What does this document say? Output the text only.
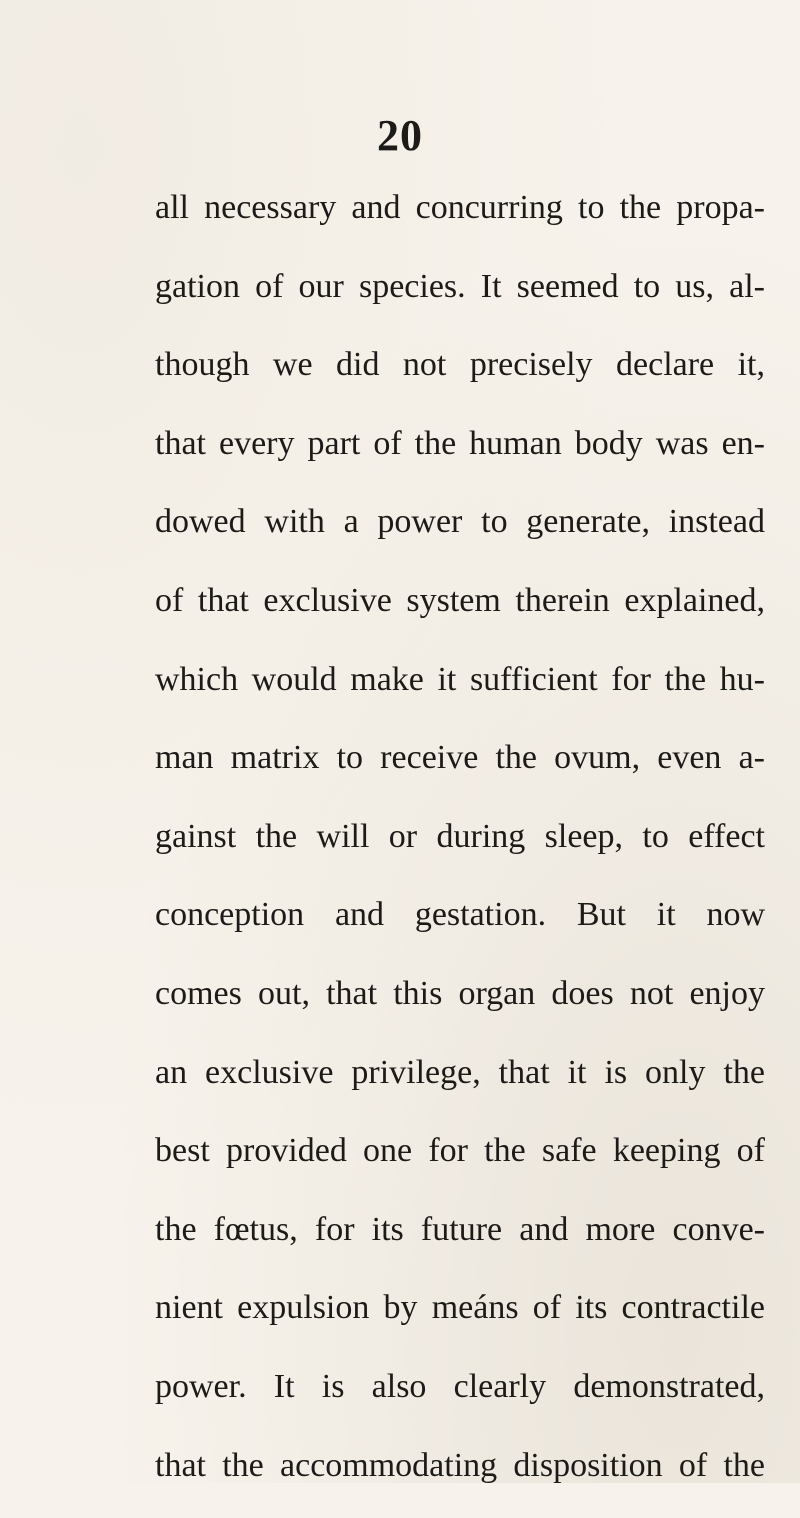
20
all necessary and concurring to the propa-
gation of our species. It seemed to us, al-
though we did not precisely declare it,
that every part of the human body was en-
dowed with a power to generate, instead
of that exclusive system therein explained,
which would make it sufficient for the hu-
man matrix to receive the ovum, even a-
gainst the will or during sleep, to effect
conception and gestation. But it now
comes out, that this organ does not enjoy
an exclusive privilege, that it is only the
best provided one for the safe keeping of
the fœtus, for its future and more conve-
nient expulsion by meáns of its contractile
power. It is also clearly demonstrated,
that the accommodating disposition of the
